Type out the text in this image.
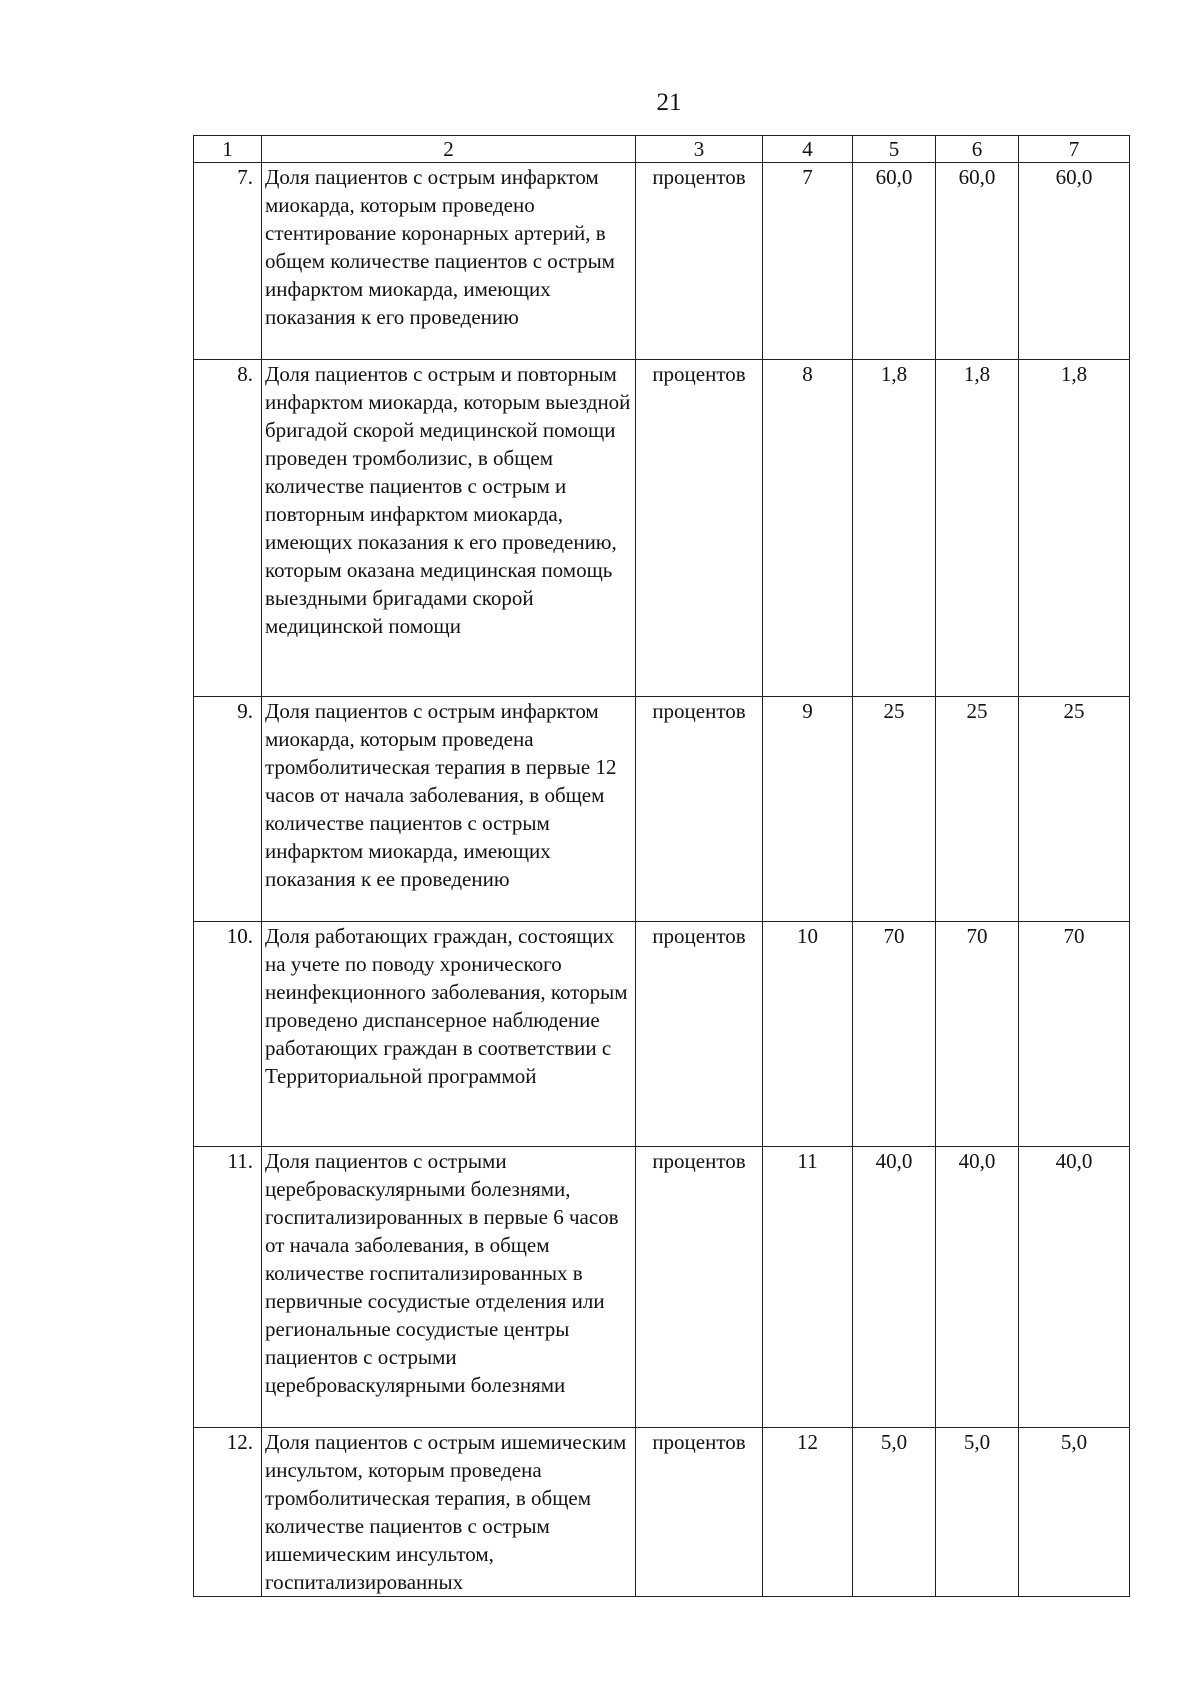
21
1	2	3	4	5	6	7
7.	Доля пациентов с острым инфарктом миокарда, которым проведено стентирование коронарных артерий, в общем количестве пациентов с острым инфарктом миокарда, имеющих показания к его проведению	процентов	7	60,0	60,0	60,0
8.	Доля пациентов с острым и повторным инфарктом миокарда, которым выездной бригадой скорой медицинской помощи проведен тромболизис, в общем количестве пациентов с острым и повторным инфарктом миокарда, имеющих показания к его проведению, которым оказана медицинская помощь выездными бригадами скорой медицинской помощи	процентов	8	1,8	1,8	1,8
9.	Доля пациентов с острым инфарктом миокарда, которым проведена тромболитическая терапия в первые 12 часов от начала заболевания, в общем количестве пациентов с острым инфарктом миокарда, имеющих показания к ее проведению	процентов	9	25	25	25
10.	Доля работающих граждан, состоящих на учете по поводу хронического неинфекционного заболевания, которым проведено диспансерное наблюдение работающих граждан в соответствии с Территориальной программой	процентов	10	70	70	70
11.	Доля пациентов с острыми цереброваскулярными болезнями, госпитализированных в первые 6 часов от начала заболевания, в общем количестве госпитализированных в первичные сосудистые отделения или региональные сосудистые центры пациентов с острыми цереброваскулярными болезнями	процентов	11	40,0	40,0	40,0
12.	Доля пациентов с острым ишемическим инсультом, которым проведена тромболитическая терапия, в общем количестве пациентов с острым ишемическим инсультом, госпитализированных	процентов	12	5,0	5,0	5,0
